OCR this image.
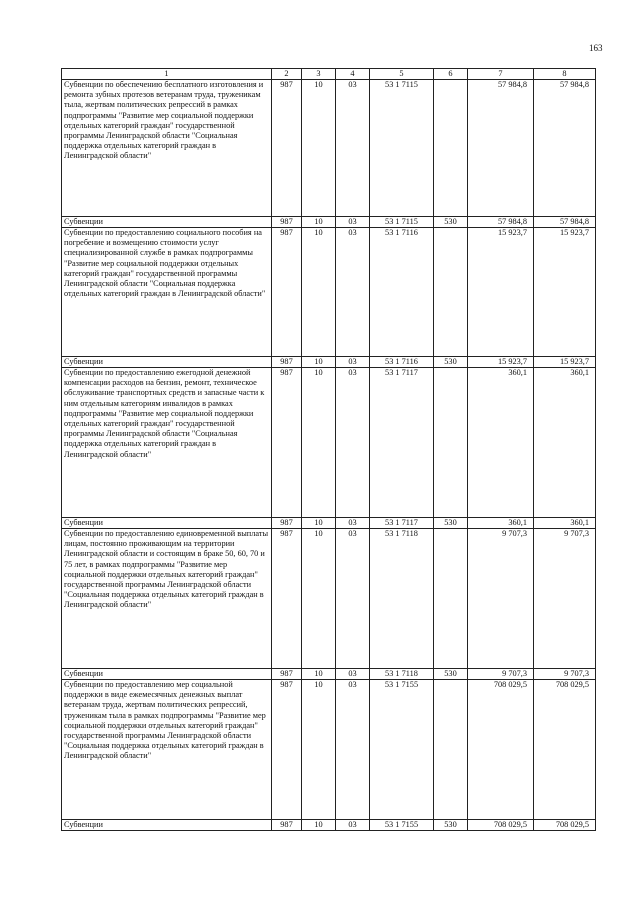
163
1	2	3	4	5	6	7	8
Субвенции по обеспечению бесплатного изготовления и ремонта зубных протезов ветеранам труда, труженикам тыла, жертвам политических репрессий в рамках подпрограммы "Развитие мер социальной поддержки отдельных категорий граждан" государственной программы Ленинградской области "Социальная поддержка отдельных категорий граждан в Ленинградской области"	987	10	03	53 1 7115		57 984,8	57 984,8
Субвенции	987	10	03	53 1 7115	530	57 984,8	57 984,8
Субвенции по предоставлению социального пособия на погребение и возмещению стоимости услуг специализированной службе в рамках подпрограммы "Развитие мер социальной поддержки отдельных категорий граждан" государственной программы Ленинградской области "Социальная поддержка отдельных категорий граждан в Ленинградской области"	987	10	03	53 1 7116		15 923,7	15 923,7
Субвенции	987	10	03	53 1 7116	530	15 923,7	15 923,7
Субвенции по предоставлению ежегодной денежной компенсации расходов на бензин, ремонт, техническое обслуживание транспортных средств и запасные части к ним отдельным категориям инвалидов в рамках подпрограммы "Развитие мер социальной поддержки отдельных категорий граждан" государственной программы Ленинградской области "Социальная поддержка отдельных категорий граждан в Ленинградской области"	987	10	03	53 1 7117		360,1	360,1
Субвенции	987	10	03	53 1 7117	530	360,1	360,1
Субвенции по предоставлению единовременной выплаты лицам, постоянно проживающим на территории Ленинградской области и состоящим в браке 50, 60, 70 и 75 лет, в рамках подпрограммы "Развитие мер социальной поддержки отдельных категорий граждан" государственной программы Ленинградской области "Социальная поддержка отдельных категорий граждан в Ленинградской области"	987	10	03	53 1 7118		9 707,3	9 707,3
Субвенции	987	10	03	53 1 7118	530	9 707,3	9 707,3
Субвенции по предоставлению мер социальной поддержки в виде ежемесячных денежных выплат ветеранам труда, жертвам политических репрессий, труженикам тыла в рамках подпрограммы "Развитие мер социальной поддержки отдельных категорий граждан" государственной программы Ленинградской области "Социальная поддержка отдельных категорий граждан в Ленинградской области"	987	10	03	53 1 7155		708 029,5	708 029,5
Субвенции	987	10	03	53 1 7155	530	708 029,5	708 029,5
